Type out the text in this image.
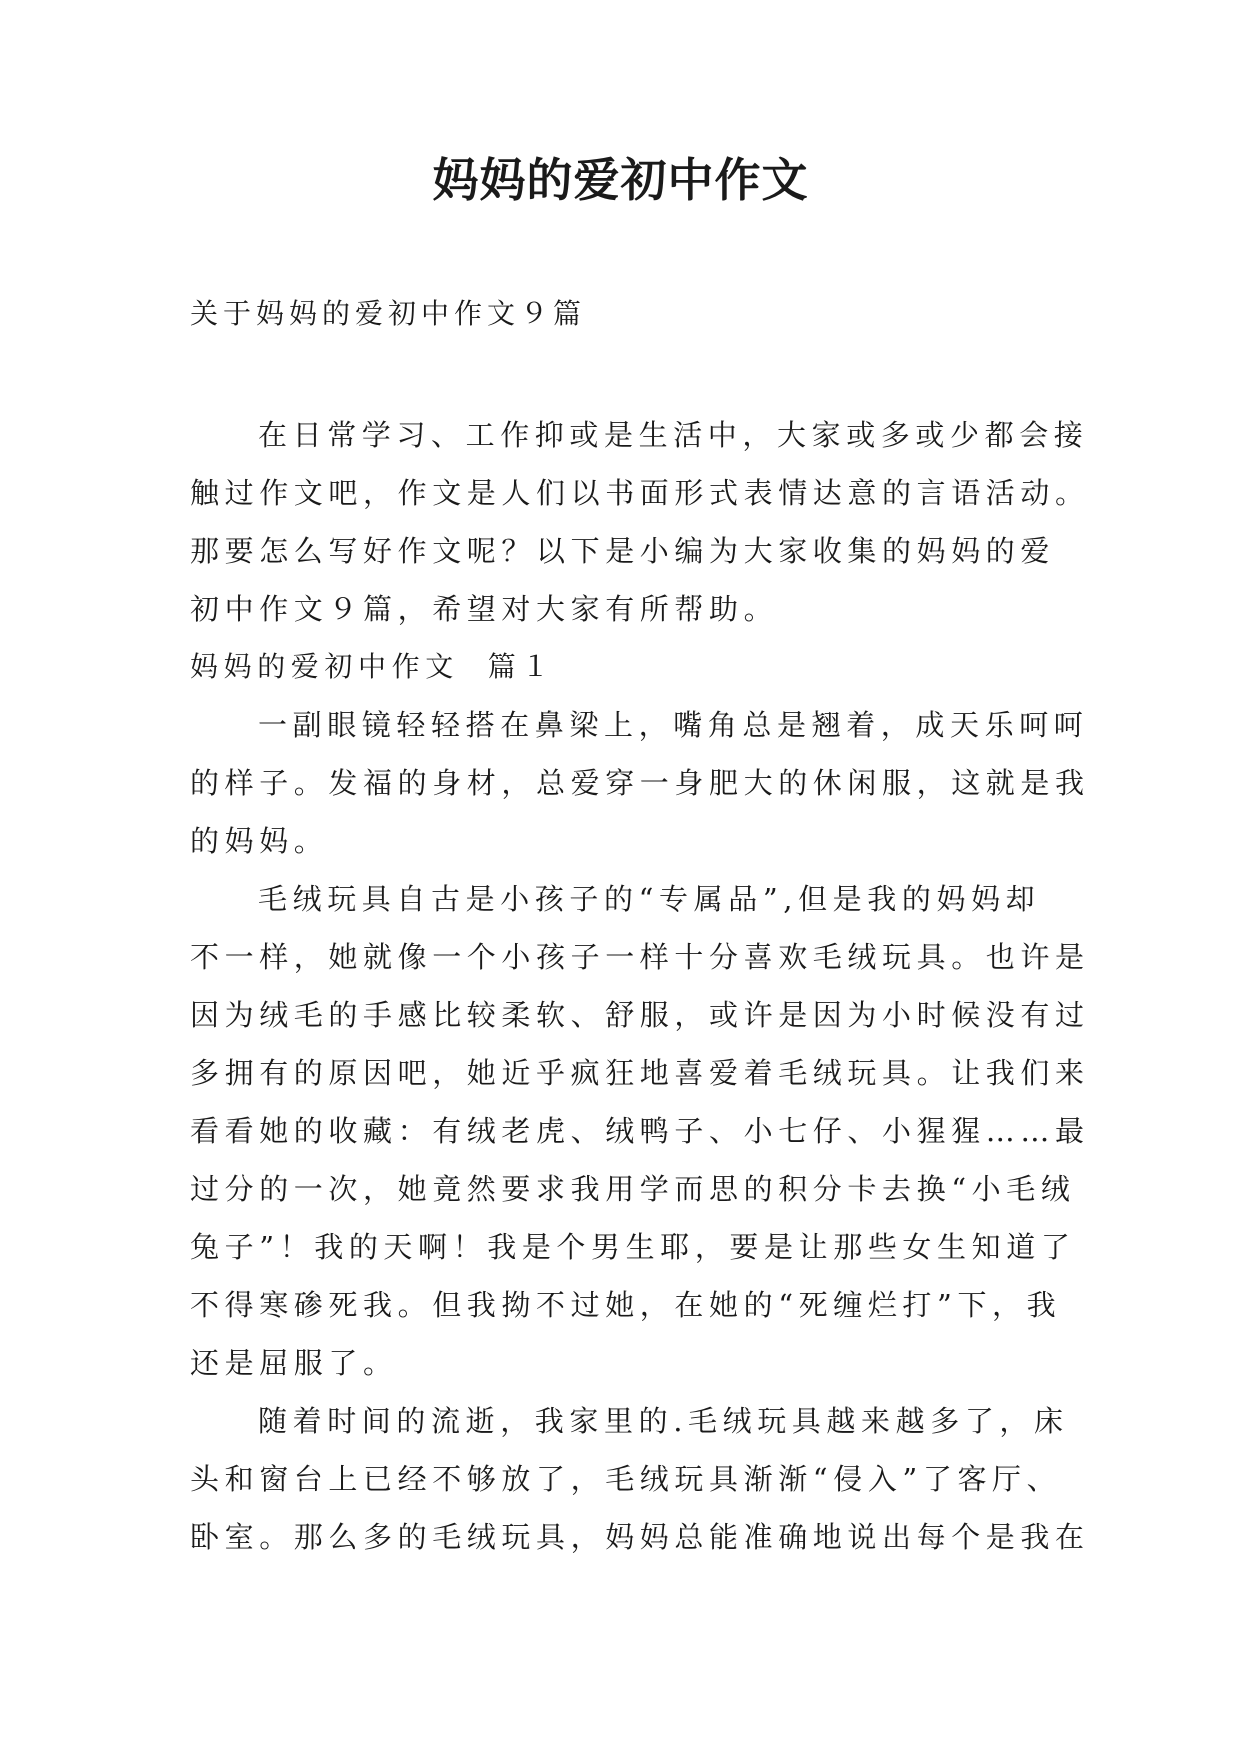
妈妈的爱初中作文

关于妈妈的爱初中作文９篇

在日常学习、工作抑或是生活中，大家或多或少都会接
触过作文吧，作文是人们以书面形式表情达意的言语活动。
那要怎么写好作文呢？以下是小编为大家收集的妈妈的爱
初中作文９篇，希望对大家有所帮助。

妈妈的爱初中作文  篇１

一副眼镜轻轻搭在鼻梁上，嘴角总是翘着，成天乐呵呵
的样子。发福的身材，总爱穿一身肥大的休闲服，这就是我
的妈妈。

毛绒玩具自古是小孩子的“专属品”,但是我的妈妈却
不一样，她就像一个小孩子一样十分喜欢毛绒玩具。也许是
因为绒毛的手感比较柔软、舒服，或许是因为小时候没有过
多拥有的原因吧，她近乎疯狂地喜爱着毛绒玩具。让我们来
看看她的收藏：有绒老虎、绒鸭子、小七仔、小猩猩……最
过分的一次，她竟然要求我用学而思的积分卡去换“小毛绒
兔子”！我的天啊！我是个男生耶，要是让那些女生知道了
不得寒碜死我。但我拗不过她，在她的“死缠烂打”下，我
还是屈服了。

随着时间的流逝，我家里的.毛绒玩具越来越多了，床
头和窗台上已经不够放了，毛绒玩具渐渐“侵入”了客厅、
卧室。那么多的毛绒玩具，妈妈总能准确地说出每个是我在
